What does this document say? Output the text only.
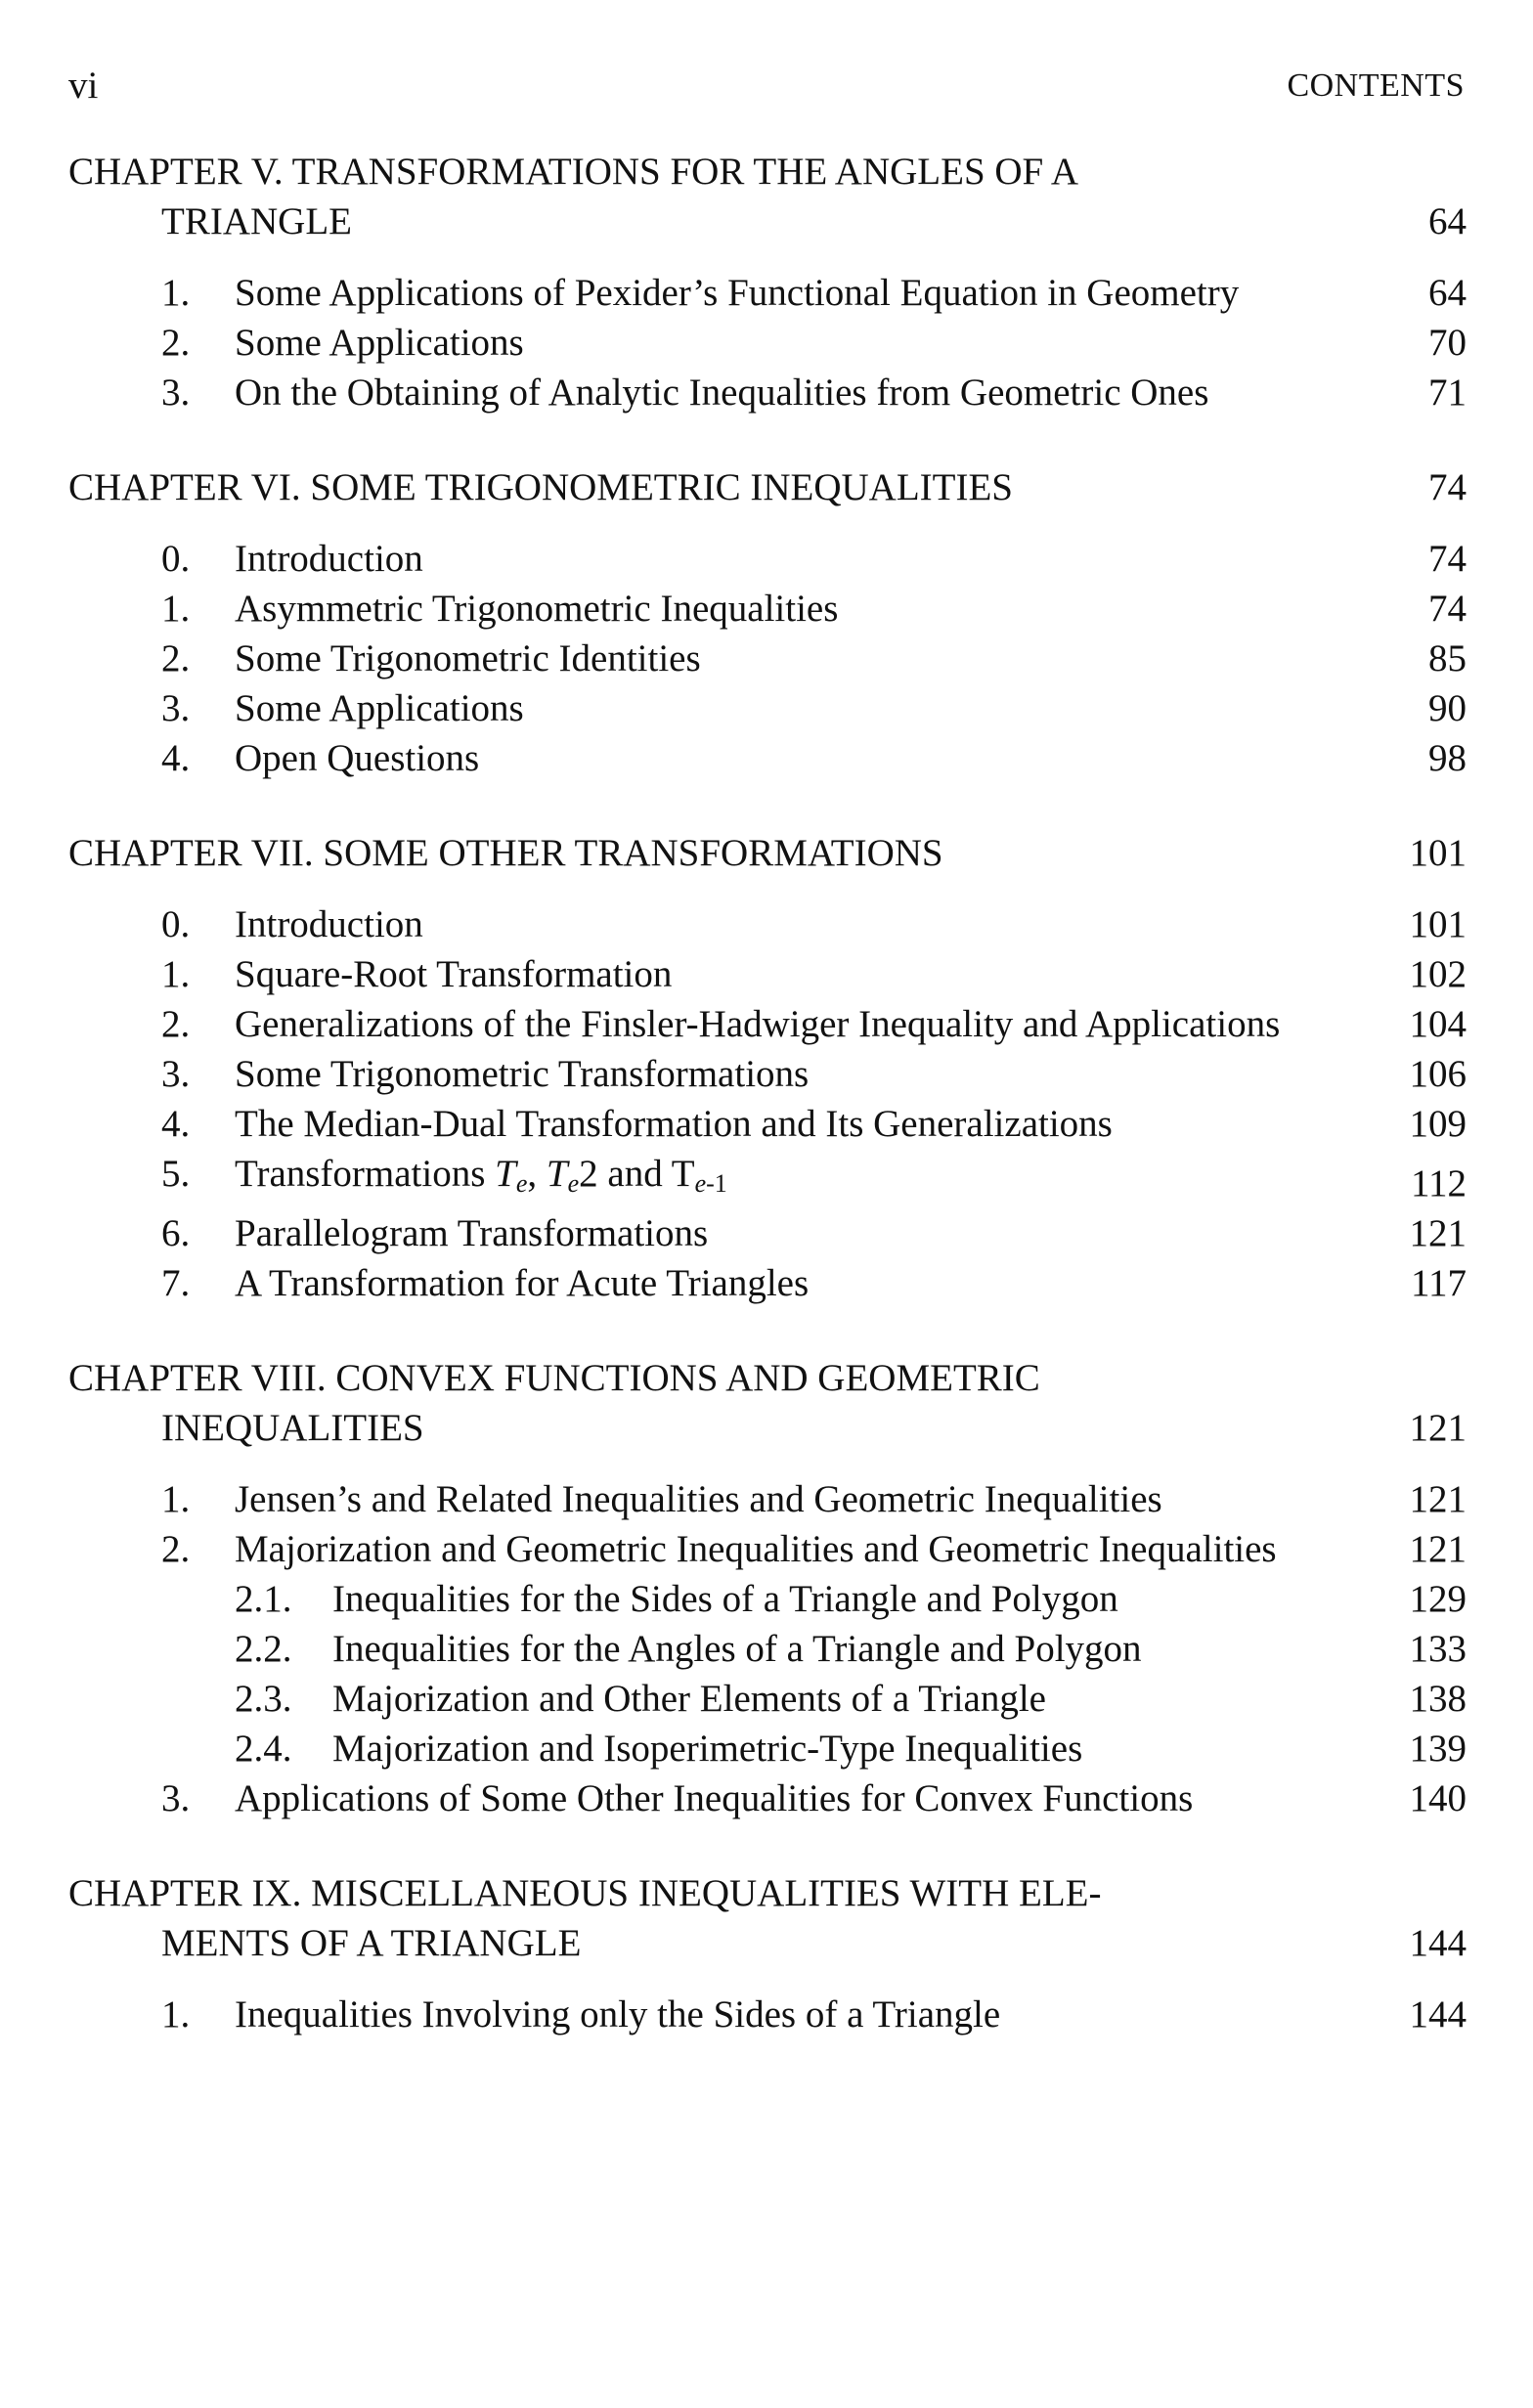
vi	CONTENTS
CHAPTER V. TRANSFORMATIONS FOR THE ANGLES OF A
TRIANGLE	64
1. Some Applications of Pexider’s Functional Equation in Geometry	64
2. Some Applications	70
3. On the Obtaining of Analytic Inequalities from Geometric Ones	71
CHAPTER VI. SOME TRIGONOMETRIC INEQUALITIES	74
0. Introduction	74
1. Asymmetric Trigonometric Inequalities	74
2. Some Trigonometric Identities	85
3. Some Applications	90
4. Open Questions	98
CHAPTER VII. SOME OTHER TRANSFORMATIONS	101
0. Introduction	101
1. Square-Root Transformation	102
2. Generalizations of the Finsler-Hadwiger Inequality and Applications	104
3. Some Trigonometric Transformations	106
4. The Median-Dual Transformation and Its Generalizations	109
5. Transformations Te, Te2 and Te-1	112
6. Parallelogram Transformations	121
7. A Transformation for Acute Triangles	117
CHAPTER VIII. CONVEX FUNCTIONS AND GEOMETRIC
INEQUALITIES	121
1. Jensen’s and Related Inequalities and Geometric Inequalities	121
2. Majorization and Geometric Inequalities and Geometric Inequalities	121
2.1. Inequalities for the Sides of a Triangle and Polygon	129
2.2. Inequalities for the Angles of a Triangle and Polygon	133
2.3. Majorization and Other Elements of a Triangle	138
2.4. Majorization and Isoperimetric-Type Inequalities	139
3. Applications of Some Other Inequalities for Convex Functions	140
CHAPTER IX. MISCELLANEOUS INEQUALITIES WITH ELE-
MENTS OF A TRIANGLE	144
1. Inequalities Involving only the Sides of a Triangle	144
